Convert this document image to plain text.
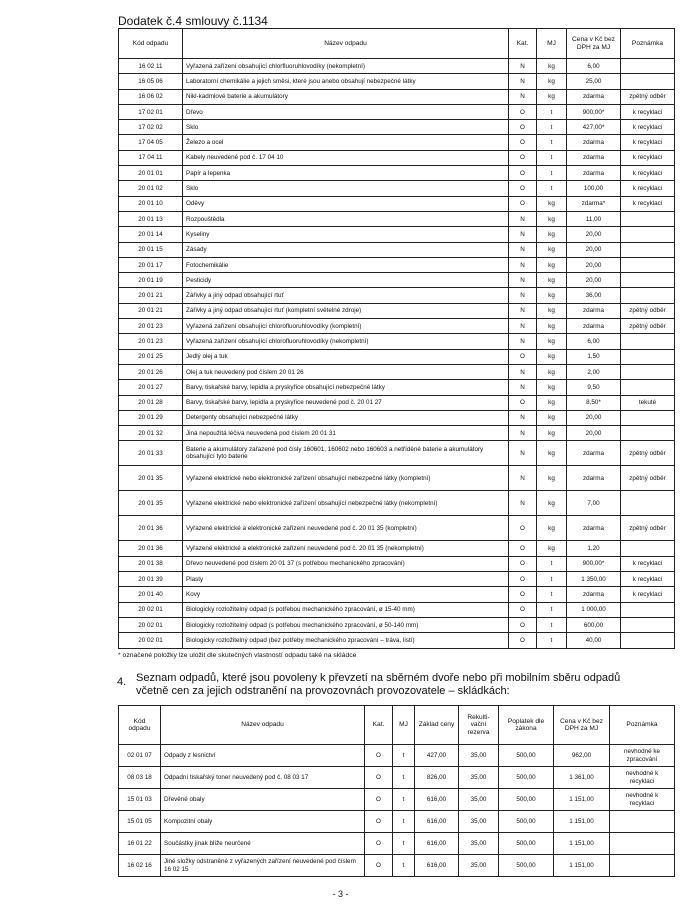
Dodatek č.4 smlouvy č.1134
Kód odpadu	Název odpadu	Kat.	MJ	Cena v Kč bez DPH za MJ	Poznámka
16 02 11	Vyřazená zařízení obsahující chlorfluoruhlovodíky (nekompletní)	N	kg	6,00	
16 05 06	Laboratorní chemikálie a jejich směsi, které jsou anebo obsahují nebezpečné látky	N	kg	25,00	
16 06 02	Nikl-kadmiové baterie a akumulátory	N	kg	zdarma	zpětný odběr
17 02 01	Dřevo	O	t	900,00*	k recyklaci
17 02 02	Sklo	O	t	427,00*	k recyklaci
17 04 05	Železo a ocel	O	t	zdarma	k recyklaci
17 04 11	Kabely neuvedené pod č. 17 04 10	O	t	zdarma	k recyklaci
20 01 01	Papír a lepenka	O	t	zdarma	k recyklaci
20 01 02	Sklo	O	t	100,00	k recyklaci
20 01 10	Oděvy	O	kg	zdarma*	k recyklaci
20 01 13	Rozpouštědla	N	kg	11,00	
20 01 14	Kyseliny	N	kg	20,00	
20 01 15	Zásady	N	kg	20,00	
20 01 17	Fotochemikálie	N	kg	20,00	
20 01 19	Pesticidy	N	kg	20,00	
20 01 21	Zářivky a jiný odpad obsahující rtuť	N	kg	36,00	
20 01 21	Zářivky a jiný odpad obsahující rtuť (kompletní světelné zdroje)	N	kg	zdarma	zpětný odběr
20 01 23	Vyřazená zařízení obsahující chlorofluoruhlovodíky (kompletní)	N	kg	zdarma	zpětný odběr
20 01 23	Vyřazená zařízení obsahující chlorofluoruhlovodíky (nekompletní)	N	kg	6,00	
20 01 25	Jedlý olej a tuk	O	kg	1,50	
20 01 26	Olej a tuk neuvedený pod číslem 20 01 26	N	kg	2,00	
20 01 27	Barvy, tiskařské barvy, lepidla a pryskyřice obsahující nebezpečné látky	N	kg	9,50	
20 01 28	Barvy, tiskařské barvy, lepidla a pryskyřice neuvedené pod č. 20 01 27	O	kg	8,50*	tekuté
20 01 29	Detergenty obsahující nebezpečné látky	N	kg	20,00	
20 01 32	Jiná nepoužitá léčiva neuvedená pod číslem 20 01 31	N	kg	20,00	
20 01 33	Baterie a akumulátory zařazené pod čísly 160601, 160602 nebo 160603 a netříděné baterie a akumulátory obsahující tyto baterie	N	kg	zdarma	zpětný odběr
20 01 35	Vyřazené elektrické nebo elektronické zařízení obsahující nebezpečné látky (kompletní)	N	kg	zdarma	zpětný odběr
20 01 35	Vyřazené elektrické nebo elektronické zařízení obsahující nebezpečné látky (nekompletní)	N	kg	7,00	
20 01 36	Vyřazené elektrické a elektronické zařízení neuvedené pod č. 20 01 35 (kompletní)	O	kg	zdarma	zpětný odběr
20 01 36	Vyřazené elektrické a elektronické zařízení neuvedené pod č. 20 01 35 (nekompletní)	O	kg	1,20	
20 01 38	Dřevo neuvedené pod číslem 20 01 37 (s potřebou mechanického zpracování)	O	t	900,00*	k recyklaci
20 01 39	Plasty	O	t	1 350,00	k recyklaci
20 01 40	Kovy	O	t	zdarma	k recyklaci
20 02 01	Biologicky rozložitelný odpad (s potřebou mechanického zpracování, ø 15-40 mm)	O	t	1 000,00	
20 02 01	Biologicky rozložitelný odpad (s potřebou mechanického zpracování, ø 50-140 mm)	O	t	600,00	
20 02 01	Biologicky rozložitelný odpad (bez potřeby mechanického zpracování – tráva, listí)	O	t	40,00	
* označené položky lze uložit dle skutečných vlastností odpadu také na skládce
4. Seznam odpadů, které jsou povoleny k převzetí na sběrném dvoře nebo při mobilním sběru odpadů včetně cen za jejich odstranění na provozovnách provozovatele – skládkách:
Kód odpadu	Název odpadu	Kat.	MJ	Základ ceny	Rekulti-vační rezerva	Poplatek dle zákona	Cena v Kč bez DPH za MJ	Poznámka
02 01 07	Odpady z lesnictví	O	t	427,00	35,00	500,00	962,00	nevhodné ke zpracování
08 03 18	Odpadní tiskařský toner neuvedený pod č. 08 03 17	O	t	826,00	35,00	500,00	1 361,00	nevhodné k recyklaci
15 01 03	Dřevěné obaly	O	t	616,00	35,00	500,00	1 151,00	nevhodné k recyklaci
15 01 05	Kompozitní obaly	O	t	616,00	35,00	500,00	1 151,00	
16 01 22	Součástky jinak blíže neurčené	O	t	616,00	35,00	500,00	1 151,00	
16 02 16	Jiné složky odstraněné z vyřazených zařízení neuvedené pod číslem 16 02 15	O	t	616,00	35,00	500,00	1 151,00	
- 3 -
